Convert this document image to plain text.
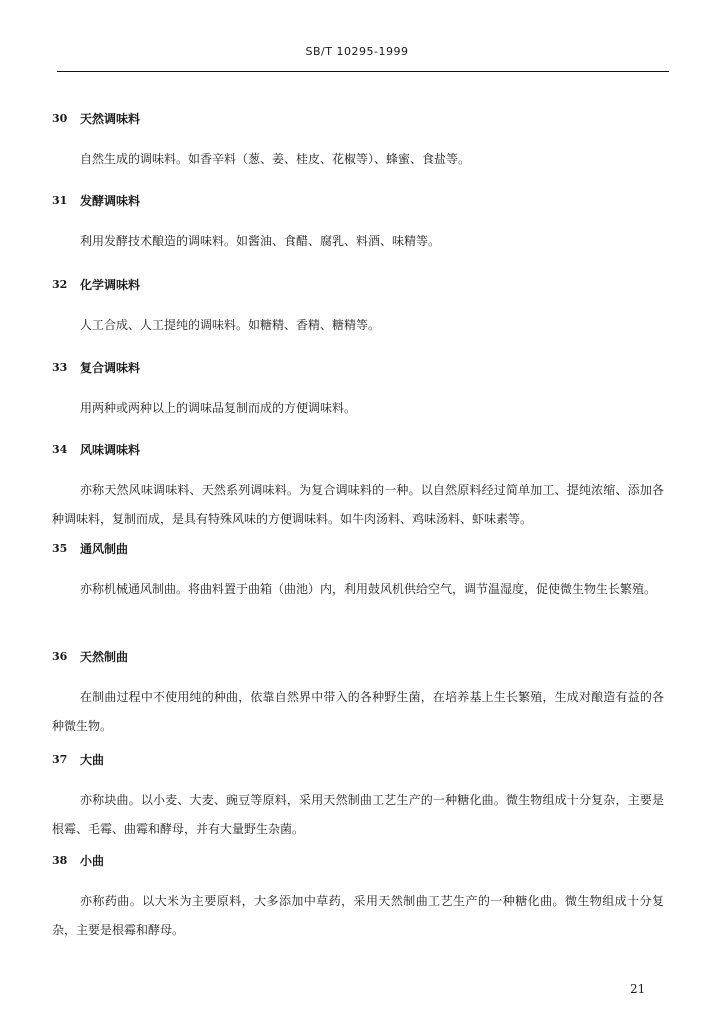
SB/T 10295-1999
30 天然调味料

自然生成的调味料。如香辛料（葱、姜、桂皮、花椒等）、蜂蜜、食盐等。

31 发酵调味料

利用发酵技术酿造的调味料。如酱油、食醋、腐乳、料酒、味精等。

32 化学调味料

人工合成、人工提纯的调味料。如糖精、香精、糖精等。

33 复合调味料

用两种或两种以上的调味品复制而成的方便调味料。

34 风味调味料

亦称天然风味调味料、天然系列调味料。为复合调味料的一种。以自然原料经过简单加工、提纯浓缩、添加各种调味料，复制而成，是具有特殊风味的方便调味料。如牛肉汤料、鸡味汤料、虾味素等。

35 通风制曲

亦称机械通风制曲。将曲料置于曲箱（曲池）内，利用鼓风机供给空气，调节温湿度，促使微生物生长繁殖。

36 天然制曲

在制曲过程中不使用纯的种曲，依靠自然界中带入的各种野生菌，在培养基上生长繁殖，生成对酿造有益的各种微生物。

37 大曲

亦称块曲。以小麦、大麦、豌豆等原料，采用天然制曲工艺生产的一种糖化曲。微生物组成十分复杂，主要是根霉、毛霉、曲霉和酵母，并有大量野生杂菌。

38 小曲

亦称药曲。以大米为主要原料，大多添加中草药，采用天然制曲工艺生产的一种糖化曲。微生物组成十分复杂，主要是根霉和酵母。

21
